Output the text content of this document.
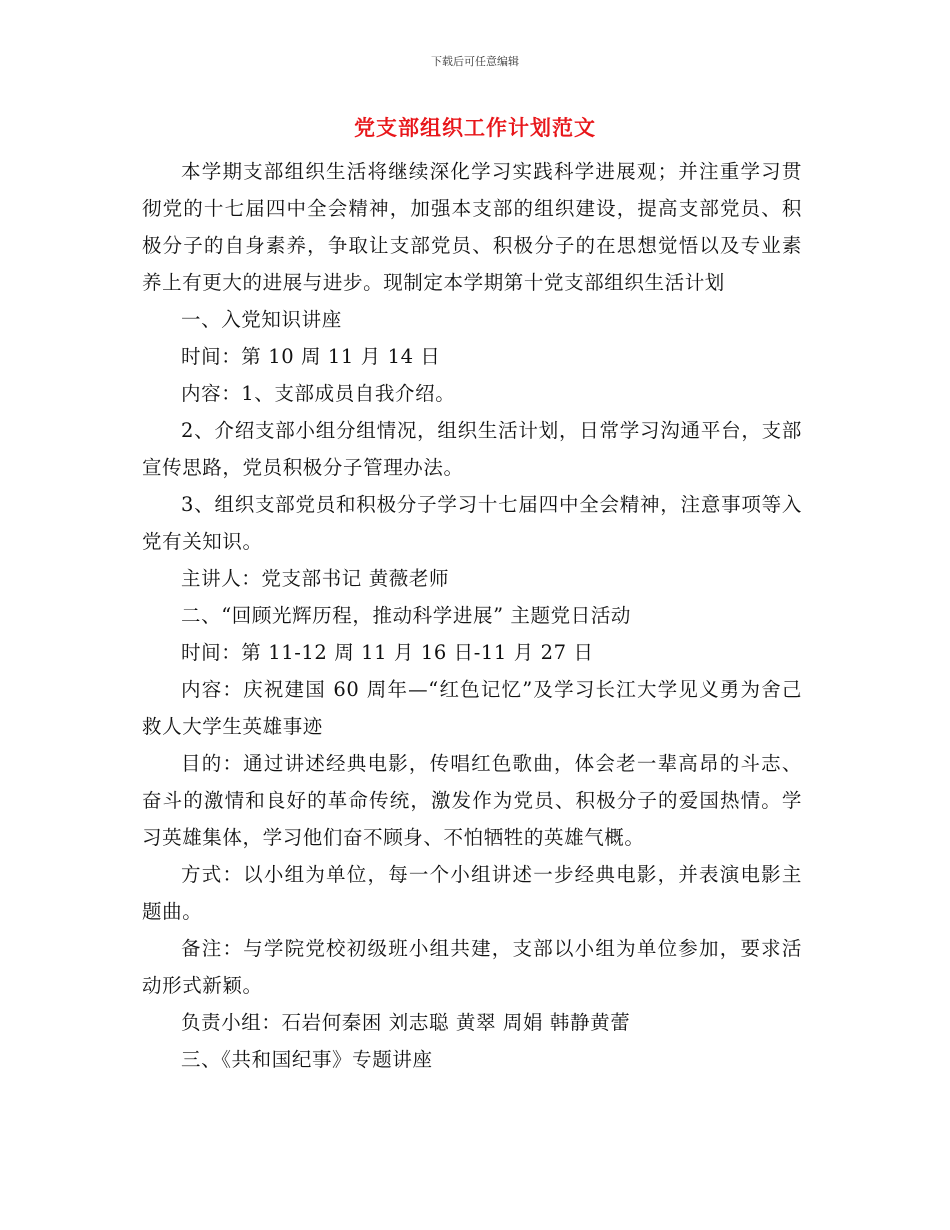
下载后可任意编辑
党支部组织工作计划范文

本学期支部组织生活将继续深化学习实践科学进展观；并注重学习贯彻党的十七届四中全会精神，加强本支部的组织建设，提高支部党员、积极分子的自身素养，争取让支部党员、积极分子的在思想觉悟以及专业素养上有更大的进展与进步。现制定本学期第十党支部组织生活计划

一、入党知识讲座

时间：第 10 周 11 月 14 日

内容：1、支部成员自我介绍。

2、介绍支部小组分组情况，组织生活计划，日常学习沟通平台，支部宣传思路，党员积极分子管理办法。

3、组织支部党员和积极分子学习十七届四中全会精神，注意事项等入党有关知识。

主讲人：党支部书记 黄薇老师

二、“回顾光辉历程，推动科学进展” 主题党日活动

时间：第 11-12 周 11 月 16 日-11 月 27 日

内容：庆祝建国 60 周年—“红色记忆”及学习长江大学见义勇为舍己救人大学生英雄事迹

目的：通过讲述经典电影，传唱红色歌曲，体会老一辈高昂的斗志、奋斗的激情和良好的革命传统，激发作为党员、积极分子的爱国热情。学习英雄集体，学习他们奋不顾身、不怕牺牲的英雄气概。

方式：以小组为单位，每一个小组讲述一步经典电影，并表演电影主题曲。

备注：与学院党校初级班小组共建，支部以小组为单位参加，要求活动形式新颖。

负责小组：石岩何秦困 刘志聪 黄翠 周娟 韩静黄蕾

三、《共和国纪事》专题讲座
